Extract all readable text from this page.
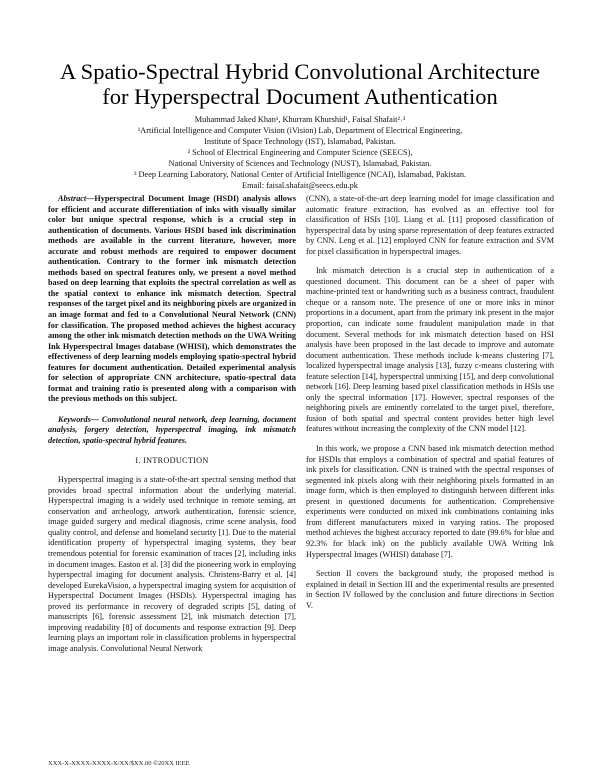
A Spatio-Spectral Hybrid Convolutional Architecture
for Hyperspectral Document Authentication
Muhammad Jaked Khan¹, Khurram Khurshid¹, Faisal Shafait²˒³
¹Artificial Intelligence and Computer Vision (iVision) Lab, Department of Electrical Engineering,
Institute of Space Technology (IST), Islamabad, Pakistan.
² School of Electrical Engineering and Computer Science (SEECS),
National University of Sciences and Technology (NUST), Islamabad, Pakistan.
³ Deep Learning Laboratory, National Center of Artificial Intelligence (NCAI), Islamabad, Pakistan.
Email: faisal.shafait@seecs.edu.pk

Abstract—Hyperspectral Document Image (HSDI) analysis allows for efficient and accurate differentiation of inks with visually similar color but unique spectral response, which is a crucial step in authentication of documents. Various HSDI based ink discrimination methods are available in the current literature, however, more accurate and robust methods are required to empower document authentication. Contrary to the former ink mismatch detection methods based on spectral features only, we present a novel method based on deep learning that exploits the spectral correlation as well as the spatial context to enhance ink mismatch detection. Spectral responses of the target pixel and its neighboring pixels are organized in an image format and fed to a Convolutional Neural Network (CNN) for classification. The proposed method achieves the highest accuracy among the other ink mismatch detection methods on the UWA Writing Ink Hyperspectral Images database (WHISI), which demonstrates the effectiveness of deep learning models employing spatio-spectral hybrid features for document authentication. Detailed experimental analysis for selection of appropriate CNN architecture, spatio-spectral data format and training ratio is presented along with a comparison with the previous methods on this subject.

Keywords— Convolutional neural network, deep learning, document analysis, forgery detection, hyperspectral imaging, ink mismatch detection, spatio-spectral hybrid features.

I. INTRODUCTION

Hyperspectral imaging is a state-of-the-art spectral sensing method that provides broad spectral information about the underlying material. Hyperspectral imaging is a widely used technique in remote sensing, art conservation and archeology, artwork authentication, forensic science, image guided surgery and medical diagnosis, crime scene analysis, food quality control, and defense and homeland security [1]. Due to the material identification property of hyperspectral imaging systems, they bear tremendous potential for forensic examination of traces [2], including inks in document images. Easton et al. [3] did the pioneering work in employing hyperspectral imaging for document analysis. Christens-Barry et al. [4] developed EurekaVision, a hyperspectral imaging system for acquisition of Hyperspectral Document Images (HSDIs). Hyperspectral imaging has proved its performance in recovery of degraded scripts [5], dating of manuscripts [6], forensic assessment [2], ink mismatch detection [7], improving readability [8] of documents and response extraction [9]. Deep learning plays an important role in classification problems in hyperspectral image analysis. Convolutional Neural Network

(CNN), a state-of-the-art deep learning model for image classification and automatic feature extraction, has evolved as an effective tool for classification of HSIs [10]. Liang et al. [11] proposed classification of hyperspectral data by using sparse representation of deep features extracted by CNN. Leng et al. [12] employed CNN for feature extraction and SVM for pixel classification in hyperspectral images.

Ink mismatch detection is a crucial step in authentication of a questioned document. This document can be a sheet of paper with machine-printed text or handwriting such as a business contract, fraudulent cheque or a ransom note. The presence of one or more inks in minor proportions in a document, apart from the primary ink present in the major proportion, can indicate some fraudulent manipulation made in that document. Several methods for ink mismatch detection based on HSI analysis have been proposed in the last decade to improve and automate document authentication. These methods include k-means clustering [7], localized hyperspectral image analysis [13], fuzzy c-means clustering with feature selection [14], hyperspectral unmixing [15], and deep convolutional network [16]. Deep learning based pixel classification methods in HSIs use only the spectral information [17]. However, spectral responses of the neighboring pixels are eminently correlated to the target pixel, therefore, fusion of both spatial and spectral content provides better high level features without increasing the complexity of the CNN model [12].

In this work, we propose a CNN based ink mismatch detection method for HSDIs that employs a combination of spectral and spatial features of ink pixels for classification. CNN is trained with the spectral responses of segmented ink pixels along with their neighboring pixels formatted in an image form, which is then employed to distinguish between different inks present in questioned documents for authentication. Comprehensive experiments were conducted on mixed ink combinations containing inks from different manufacturers mixed in varying ratios. The proposed method achieves the highest accuracy reported to date (99.6% for blue and 92.3% for black ink) on the publicly available UWA Writing Ink Hyperspectral Images (WHISI) database [7].

Section II covers the background study, the proposed method is explained in detail in Section III and the experimental results are presented in Section IV followed by the conclusion and future directions in Section V.

XXX-X-XXXX-XXXX-X/XX/$XX.00 ©20XX IEEE
